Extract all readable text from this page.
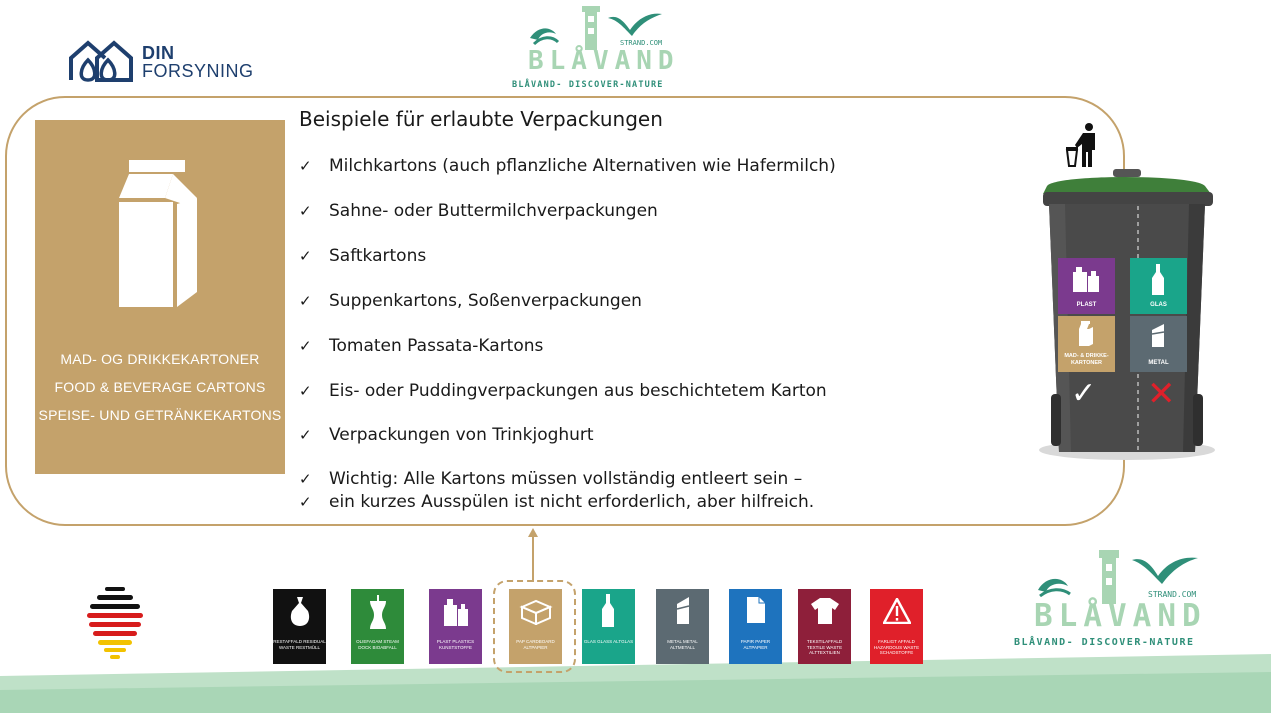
DIN
FORSYNING
STRAND.COM
BLÅVAND
BLÅVAND- DISCOVER-NATURE
MAD- OG DRIKKEKARTONER
FOOD & BEVERAGE CARTONS
SPEISE- UND GETRÄNKEKARTONS
Beispiele für erlaubte Verpackungen
✓ Milchkartons (auch pflanzliche Alternativen wie Hafermilch)
✓ Sahne- oder Buttermilchverpackungen
✓ Saftkartons
✓ Suppenkartons, Soßenverpackungen
✓ Tomaten Passata-Kartons
✓ Eis- oder Puddingverpackungen aus beschichtetem Karton
✓ Verpackungen von Trinkjoghurt
✓ Wichtig: Alle Kartons müssen vollständig entleert sein –
✓ ein kurzes Ausspülen ist nicht erforderlich, aber hilfreich.
PLAST	GLAS
MAD- & DRIKKE-KARTONER	METAL
✓ ✕
RESTAFFALD RESIDUAL WASTE RESTMÜLL
OLIEFAGAM STEAM DOCK BIOABFALL
PLAST PLASTICS KUNSTSTOFFE
PAP CARDBOARD ALTPAPIER
GLAS GLASS ALTGLAS	METAL METAL ALTMETALL
PAPIR PAPER ALTPAPIER
TEKSTILAFFALD TEXTILE WASTE ALTTEXTILIEN
FARLIGT AFFALD HAZARDOUS WASTE SCHADSTOFFE
STRAND.COM
BLÅVAND
BLÅVAND- DISCOVER-NATURE
